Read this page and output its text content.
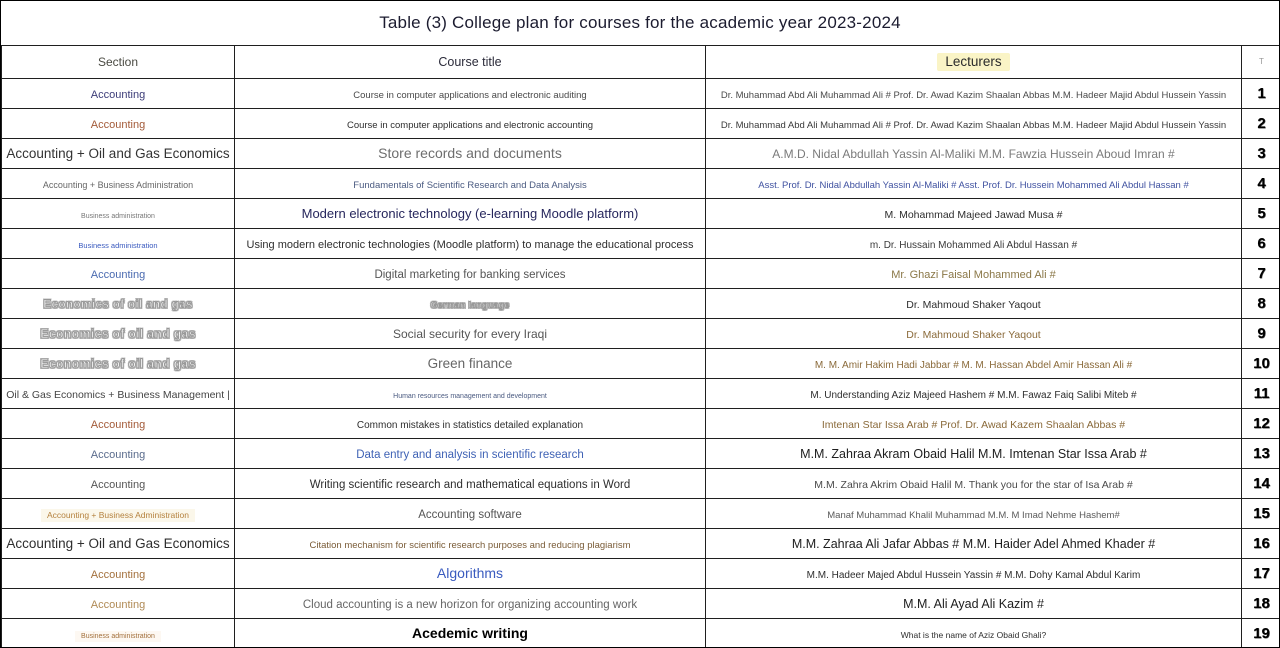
Table (3) College plan for courses for the academic year 2023-2024
Section	Course title	Lecturers	T
Accounting	Course in computer applications and electronic auditing	Dr. Muhammad Abd Ali Muhammad Ali # Prof. Dr. Awad Kazim Shaalan Abbas M.M. Hadeer Majid Abdul Hussein Yassin	1
Accounting	Course in computer applications and electronic accounting	Dr. Muhammad Abd Ali Muhammad Ali # Prof. Dr. Awad Kazim Shaalan Abbas M.M. Hadeer Majid Abdul Hussein Yassin	2
Accounting + Oil and Gas Economics	Store records and documents	A.M.D. Nidal Abdullah Yassin Al-Maliki M.M. Fawzia Hussein Aboud Imran #	3
Accounting + Business Administration	Fundamentals of Scientific Research and Data Analysis	Asst. Prof. Dr. Nidal Abdullah Yassin Al-Maliki # Asst. Prof. Dr. Hussein Mohammed Ali Abdul Hassan #	4
Business administration	Modern electronic technology (e-learning Moodle platform)	M. Mohammad Majeed Jawad Musa #	5
Business administration	Using modern electronic technologies (Moodle platform) to manage the educational process	m. Dr. Hussain Mohammed Ali Abdul Hassan #	6
Accounting	Digital marketing for banking services	Mr. Ghazi Faisal Mohammed Ali #	7
Economics of oil and gas	German language	Dr. Mahmoud Shaker Yaqout	8
Economics of oil and gas	Social security for every Iraqi	Dr. Mahmoud Shaker Yaqout	9
Economics of oil and gas	Green finance	M. M. Amir Hakim Hadi Jabbar # M. M. Hassan Abdel Amir Hassan Ali #	10
Oil & Gas Economics + Business Management |	Human resources management and development	M. Understanding Aziz Majeed Hashem # M.M. Fawaz Faiq Salibi Miteb #	11
Accounting	Common mistakes in statistics detailed explanation	Imtenan Star Issa Arab # Prof. Dr. Awad Kazem Shaalan Abbas #	12
Accounting	Data entry and analysis in scientific research	M.M. Zahraa Akram Obaid Halil M.M. Imtenan Star Issa Arab #	13
Accounting	Writing scientific research and mathematical equations in Word	M.M. Zahra Akrim Obaid Halil M. Thank you for the star of Isa Arab #	14
Accounting + Business Administration	Accounting software	Manaf Muhammad Khalil Muhammad M.M. M Imad Nehme Hashem#	15
Accounting + Oil and Gas Economics	Citation mechanism for scientific research purposes and reducing plagiarism	M.M. Zahraa Ali Jafar Abbas # M.M. Haider Adel Ahmed Khader #	16
Accounting	Algorithms	M.M. Hadeer Majed Abdul Hussein Yassin # M.M. Dohy Kamal Abdul Karim	17
Accounting	Cloud accounting is a new horizon for organizing accounting work	M.M. Ali Ayad Ali Kazim #	18
Business administration	Acedemic writing	What is the name of Aziz Obaid Ghali?	19
